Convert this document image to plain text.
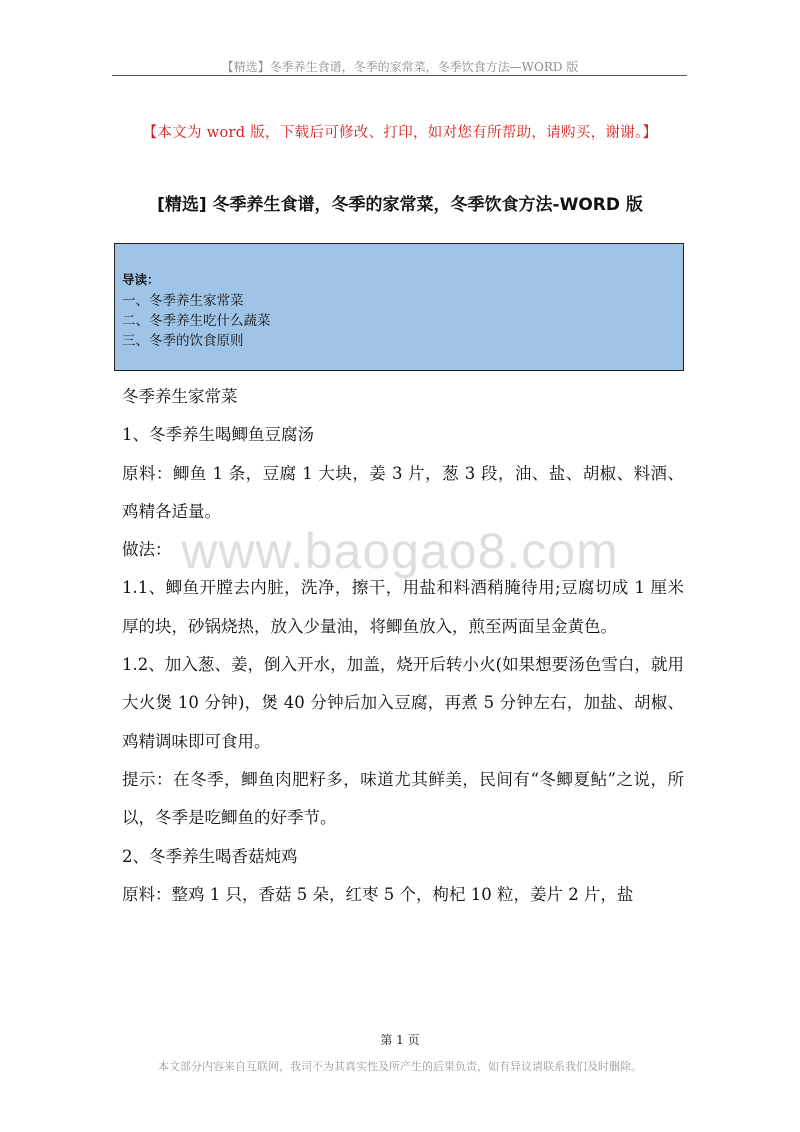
【精选】冬季养生食谱，冬季的家常菜，冬季饮食方法—WORD 版
【本文为 word 版，下载后可修改、打印，如对您有所帮助，请购买，谢谢。】
[精选] 冬季养生食谱，冬季的家常菜，冬季饮食方法-WORD 版
导读：
一、冬季养生家常菜
二、冬季养生吃什么蔬菜
三、冬季的饮食原则

冬季养生家常菜

1、冬季养生喝鲫鱼豆腐汤

原料：鲫鱼 1 条，豆腐 1 大块，姜 3 片，葱 3 段，油、盐、胡椒、料酒、鸡精各适量。

做法：

1.1、鲫鱼开膛去内脏，洗净，擦干，用盐和料酒稍腌待用;豆腐切成 1 厘米厚的块，砂锅烧热，放入少量油，将鲫鱼放入，煎至两面呈金黄色。

1.2、加入葱、姜，倒入开水，加盖，烧开后转小火(如果想要汤色雪白，就用大火煲 10 分钟)，煲 40 分钟后加入豆腐，再煮 5 分钟左右，加盐、胡椒、鸡精调味即可食用。

提示：在冬季，鲫鱼肉肥籽多，味道尤其鲜美，民间有“冬鲫夏鲇”之说，所以，冬季是吃鲫鱼的好季节。

2、冬季养生喝香菇炖鸡

原料：整鸡 1 只，香菇 5 朵，红枣 5 个，枸杞 10 粒，姜片 2 片，盐

www.baogao8.com
第 1 页
本文部分内容来自互联网，我司不为其真实性及所产生的后果负责，如有异议请联系我们及时删除。
